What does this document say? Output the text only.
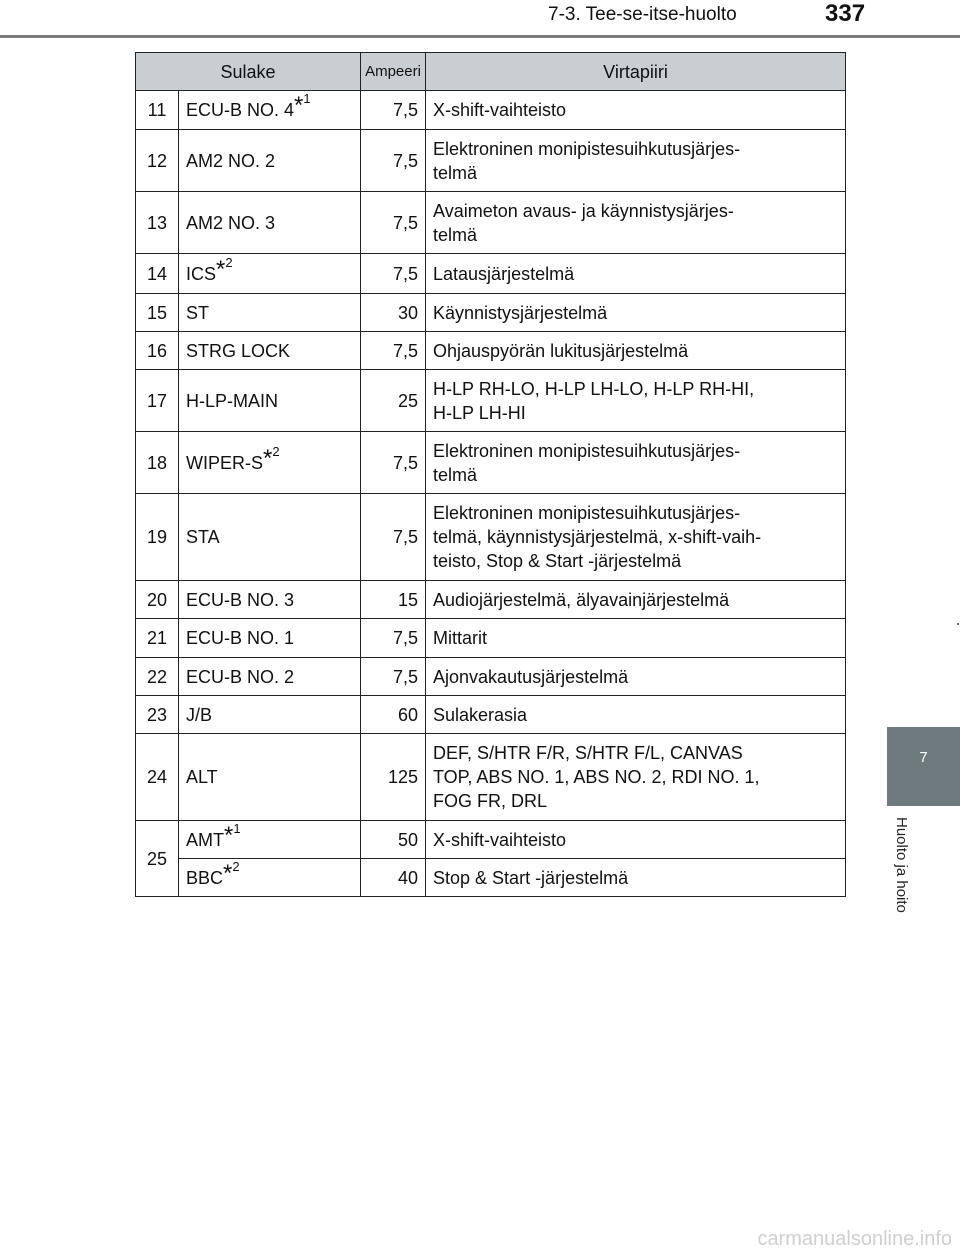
7-3. Tee-se-itse-huolto	337
7
Huolto ja hoito
Sulake		Ampeeri	Virtapiiri
11	ECU-B NO. 4$^{*1}$	7,5	X-shift-vaihteisto
12	AM2 NO. 2	7,5	Elektroninen monipistesuihkutusjärjes-
telmä
13	AM2 NO. 3	7,5	Avaimeton avaus- ja käynnistysjärjes-
telmä
14	ICS$^{*2}$	7,5	Latausjärjestelmä
15	ST	30	Käynnistysjärjestelmä
16	STRG LOCK	7,5	Ohjauspyörän lukitusjärjestelmä
17	H-LP-MAIN	25	H-LP RH-LO, H-LP LH-LO, H-LP RH-HI,
H-LP LH-HI
18	WIPER-S$^{*2}$	7,5	Elektroninen monipistesuihkutusjärjes-
telmä
19	STA	7,5	Elektroninen monipistesuihkutusjärjes-
telmä, käynnistysjärjestelmä, x-shift-vaih-
teisto, Stop & Start -järjestelmä
20	ECU-B NO. 3	15	Audiojärjestelmä, älyavainjärjestelmä
21	ECU-B NO. 1	7,5	Mittarit
22	ECU-B NO. 2	7,5	Ajonvakautusjärjestelmä
23	J/B	60	Sulakerasia
24	ALT	125	DEF, S/HTR F/R, S/HTR F/L, CANVAS
TOP, ABS NO. 1, ABS NO. 2, RDI NO. 1,
FOG FR, DRL
25	AMT$^{*1}$	50	X-shift-vaihteisto
	BBC$^{*2}$	40	Stop & Start -järjestelmä
carmanualsonline.info
